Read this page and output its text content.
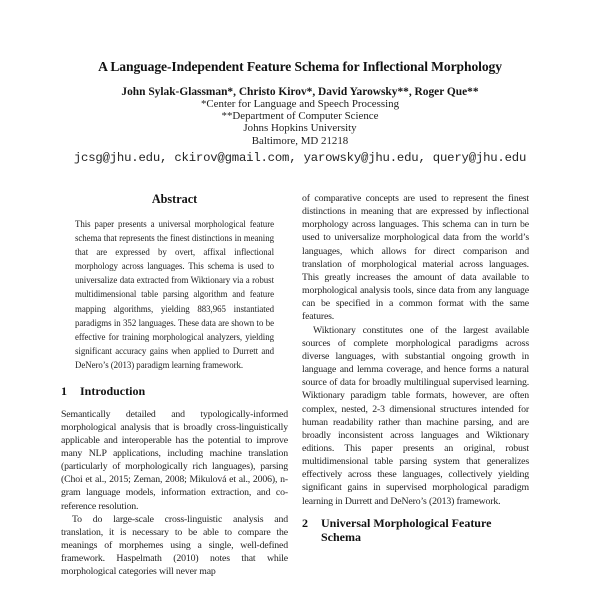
A Language-Independent Feature Schema for Inflectional Morphology
John Sylak-Glassman*, Christo Kirov*, David Yarowsky**, Roger Que**
*Center for Language and Speech Processing
**Department of Computer Science
Johns Hopkins University
Baltimore, MD 21218
jcsg@jhu.edu, ckirov@gmail.com, yarowsky@jhu.edu, query@jhu.edu
Abstract

This paper presents a universal morphological feature schema that represents the finest distinctions in meaning that are expressed by overt, affixal inflectional morphology across languages. This schema is used to universalize data extracted from Wiktionary via a robust multidimensional table parsing algorithm and feature mapping algorithms, yielding 883,965 instantiated paradigms in 352 languages. These data are shown to be effective for training morphological analyzers, yielding significant accuracy gains when applied to Durrett and DeNero’s (2013) paradigm learning framework.

1	Introduction

Semantically detailed and typologically-informed morphological analysis that is broadly cross-linguistically applicable and interoperable has the potential to improve many NLP applications, including machine translation (particularly of morphologically rich languages), parsing (Choi et al., 2015; Zeman, 2008; Mikulová et al., 2006), n-gram language models, information extraction, and co-reference resolution.

To do large-scale cross-linguistic analysis and translation, it is necessary to be able to compare the meanings of morphemes using a single, well-defined framework. Haspelmath (2010) notes that while morphological categories will never map

of comparative concepts are used to represent the finest distinctions in meaning that are expressed by inflectional morphology across languages. This schema can in turn be used to universalize morphological data from the world’s languages, which allows for direct comparison and translation of morphological material across languages. This greatly increases the amount of data available to morphological analysis tools, since data from any language can be specified in a common format with the same features.

Wiktionary constitutes one of the largest available sources of complete morphological paradigms across diverse languages, with substantial ongoing growth in language and lemma coverage, and hence forms a natural source of data for broadly multilingual supervised learning. Wiktionary paradigm table formats, however, are often complex, nested, 2-3 dimensional structures intended for human readability rather than machine parsing, and are broadly inconsistent across languages and Wiktionary editions. This paper presents an original, robust multidimensional table parsing system that generalizes effectively across these languages, collectively yielding significant gains in supervised morphological paradigm learning in Durrett and DeNero’s (2013) framework.

2	Universal Morphological Feature Schema
